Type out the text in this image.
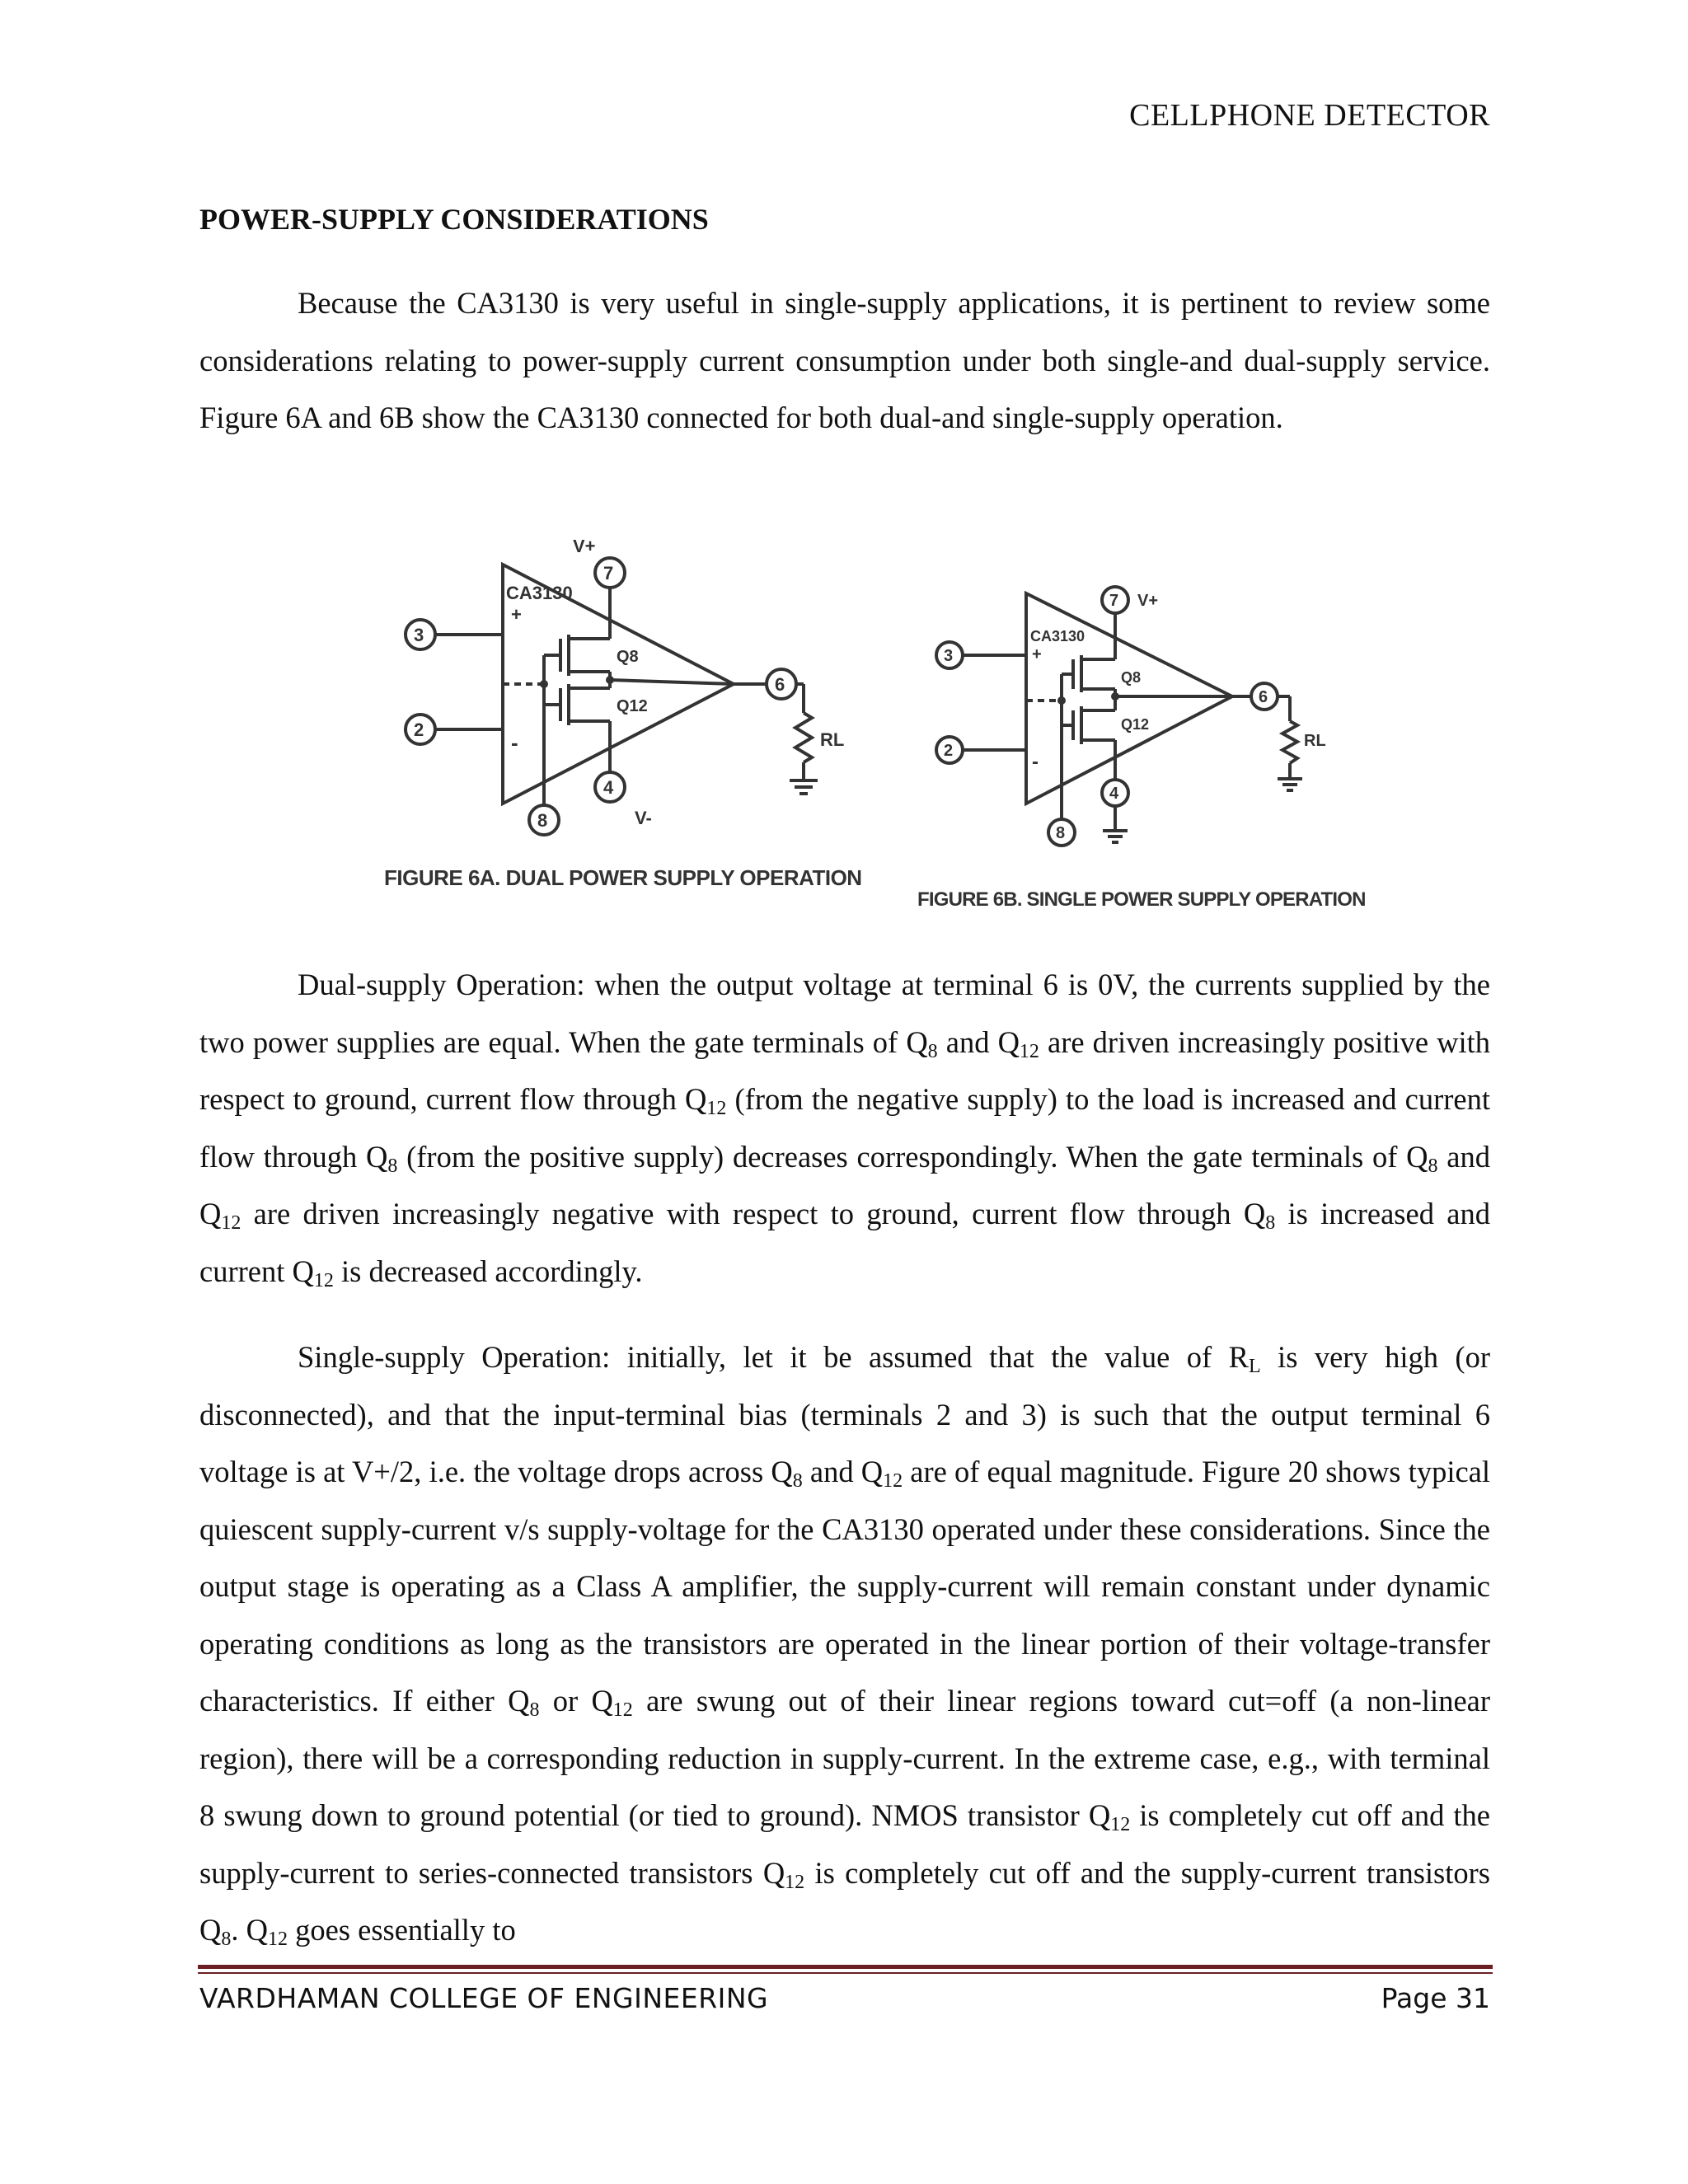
CELLPHONE DETECTOR
POWER-SUPPLY CONSIDERATIONS

Because the CA3130 is very useful in single-supply applications, it is pertinent to review some considerations relating to power-supply current consumption under both single-and dual-supply service. Figure 6A and 6B show the CA3130 connected for both dual-and single-supply operation.

V+
V-
CA3130
+
-
Q8
Q12
RL
7
3
2
6
4
8
FIGURE 6A. DUAL POWER SUPPLY OPERATION
V+
CA3130
+
-
Q8
Q12
RL
7
3
2
6
4
8
FIGURE 6B. SINGLE POWER SUPPLY OPERATION

Dual-supply Operation: when the output voltage at terminal 6 is 0V, the currents supplied by the two power supplies are equal. When the gate terminals of $Q_8$ and $Q_{12}$ are driven increasingly positive with respect to ground, current flow through $Q_{12}$ (from the negative supply) to the load is increased and current flow through $Q_8$ (from the positive supply) decreases correspondingly. When the gate terminals of $Q_8$ and $Q_{12}$ are driven increasingly negative with respect to ground, current flow through $Q_8$ is increased and current $Q_{12}$ is decreased accordingly.

Single-supply Operation: initially, let it be assumed that the value of $R_L$ is very high (or disconnected), and that the input-terminal bias (terminals 2 and 3) is such that the output terminal 6 voltage is at V+/2, i.e. the voltage drops across $Q_8$ and $Q_{12}$ are of equal magnitude. Figure 20 shows typical quiescent supply-current v/s supply-voltage for the CA3130 operated under these considerations. Since the output stage is operating as a Class A amplifier, the supply-current will remain constant under dynamic operating conditions as long as the transistors are operated in the linear portion of their voltage-transfer characteristics. If either $Q_8$ or $Q_{12}$ are swung out of their linear regions toward cut=off (a non-linear region), there will be a corresponding reduction in supply-current. In the extreme case, e.g., with terminal 8 swung down to ground potential (or tied to ground). NMOS transistor $Q_{12}$ is completely cut off and the supply-current to series-connected transistors $Q_{12}$ is completely cut off and the supply-current transistors $Q_8$. $Q_{12}$ goes essentially to

VARDHAMAN COLLEGE OF ENGINEERING	Page 31
